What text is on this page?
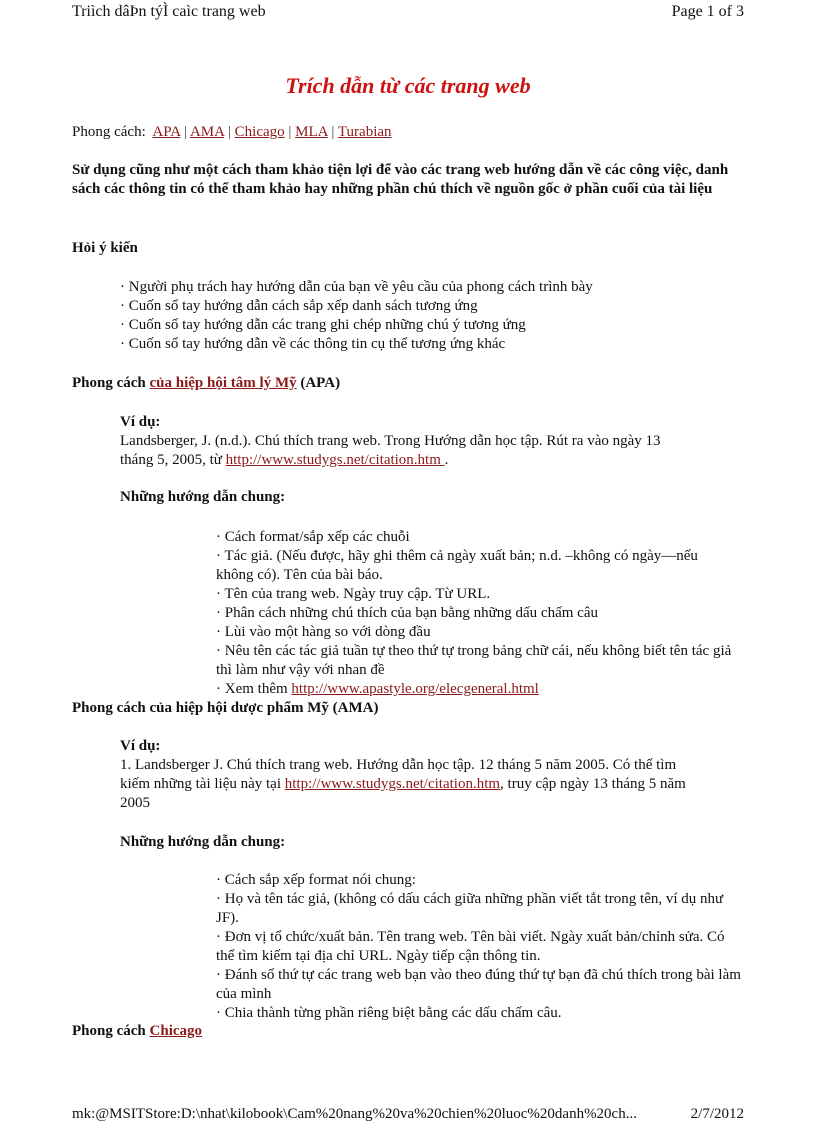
Triìch dâÞn týÌ caìc trang web	Page 1 of 3
Trích dẫn từ các trang web
Phong cách: APA | AMA | Chicago | MLA | Turabian
Sử dụng cũng như một cách tham khảo tiện lợi để vào các trang web hướng dẫn về các công việc, danh sách các thông tin có thể tham khảo hay những phần chú thích về nguồn gốc ở phần cuối của tài liệu
Hỏi ý kiến
· Người phụ trách hay hướng dẫn của bạn về yêu cầu của phong cách trình bày
· Cuốn sổ tay hướng dẫn cách sắp xếp danh sách tương ứng
· Cuốn sổ tay hướng dẫn các trang ghi chép những chú ý tương ứng
· Cuốn sổ tay hướng dẫn về các thông tin cụ thể tương ứng khác
Phong cách của hiệp hội tâm lý Mỹ (APA)
Ví dụ:
Landsberger, J. (n.d.). Chú thích trang web. Trong Hướng dẫn học tập. Rút ra vào ngày 13 tháng 5, 2005, từ http://www.studygs.net/citation.htm .
Những hướng dẫn chung:
· Cách format/sắp xếp các chuỗi
· Tác giả. (Nếu được, hãy ghi thêm cả ngày xuất bản; n.d. –không có ngày—nếu không có). Tên của bài báo.
· Tên của trang web. Ngày truy cập. Từ URL.
· Phân cách những chú thích của bạn bằng những dấu chấm câu
· Lùi vào một hàng so với dòng đầu
· Nêu tên các tác giả tuần tự theo thứ tự trong bảng chữ cái, nếu không biết tên tác giả thì làm như vậy với nhan đề
· Xem thêm http://www.apastyle.org/elecgeneral.html
Phong cách của hiệp hội dược phẩm Mỹ (AMA)
Ví dụ:
1. Landsberger J. Chú thích trang web. Hướng dẫn học tập. 12 tháng 5 năm 2005. Có thể tìm kiếm những tài liệu này tại http://www.studygs.net/citation.htm, truy cập ngày 13 tháng 5 năm 2005
Những hướng dẫn chung:
· Cách sắp xếp format nói chung:
· Họ và tên tác giả, (không có dấu cách giữa những phần viết tắt trong tên, ví dụ như JF).
· Đơn vị tổ chức/xuất bản. Tên trang web. Tên bài viết. Ngày xuất bản/chỉnh sửa. Có thể tìm kiếm tại địa chỉ URL. Ngày tiếp cận thông tin.
· Đánh số thứ tự các trang web bạn vào theo đúng thứ tự bạn đã chú thích trong bài làm của mình
· Chia thành từng phần riêng biệt bằng các dấu chấm câu.
Phong cách Chicago
mk:@MSITStore:D:\nhat\kilobook\Cam%20nang%20va%20chien%20luoc%20danh%20ch...	2/7/2012
